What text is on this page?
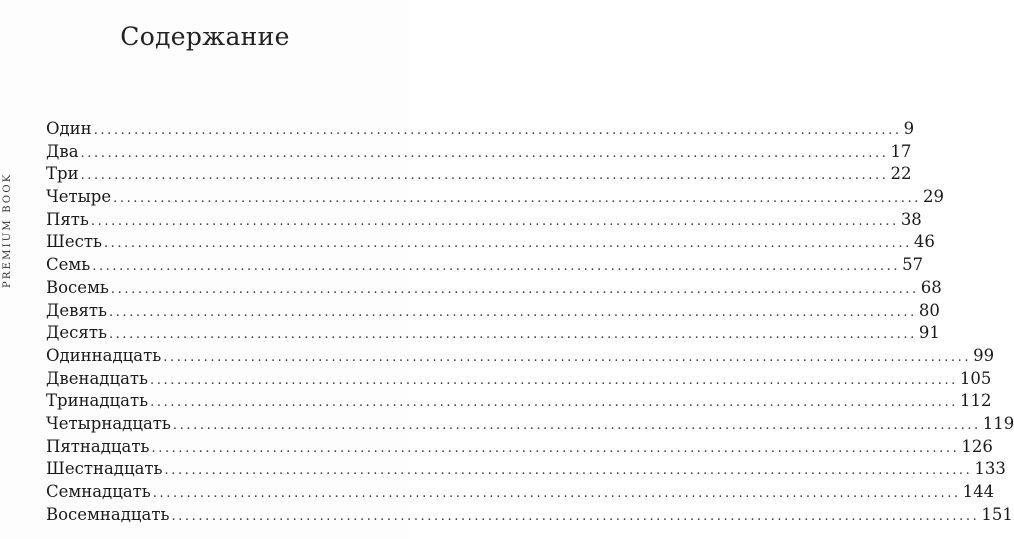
Содержание
PREMIUM BOOK
Один ........................................................................................................................ 9
Два ........................................................................................................................ 17
Три ........................................................................................................................ 22
Четыре ........................................................................................................................ 29
Пять ........................................................................................................................ 38
Шесть ........................................................................................................................ 46
Семь ........................................................................................................................ 57
Восемь ........................................................................................................................ 68
Девять ........................................................................................................................ 80
Десять ........................................................................................................................ 91
Одиннадцать ........................................................................................................................ 99
Двенадцать ........................................................................................................................ 105
Тринадцать ........................................................................................................................ 112
Четырнадцать ........................................................................................................................ 119
Пятнадцать ........................................................................................................................ 126
Шестнадцать ........................................................................................................................ 133
Семнадцать ........................................................................................................................ 144
Восемнадцать ........................................................................................................................ 151
